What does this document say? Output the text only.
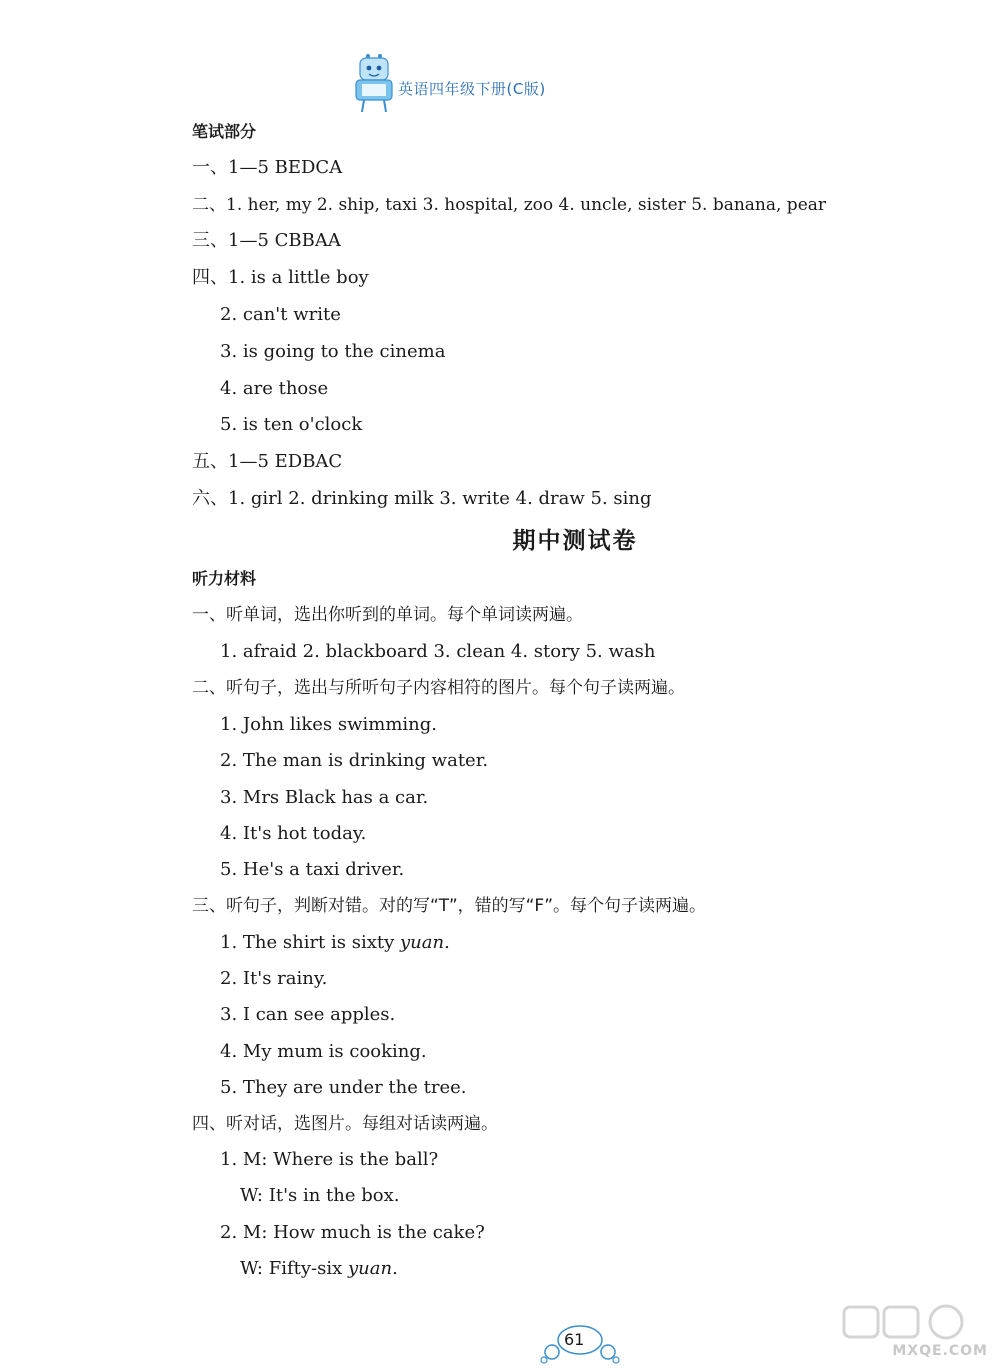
英语四年级下册(C版)
笔试部分
一、1—5 BEDCA
二、1. her, my 2. ship, taxi 3. hospital, zoo 4. uncle, sister 5. banana, pear
三、1—5 CBBAA
四、1. is a little boy
2. can't write
3. is going to the cinema
4. are those
5. is ten o'clock
五、1—5 EDBAC
六、1. girl 2. drinking milk 3. write 4. draw 5. sing
期中测试卷
听力材料
一、听单词，选出你听到的单词。每个单词读两遍。
1. afraid 2. blackboard 3. clean 4. story 5. wash
二、听句子，选出与所听句子内容相符的图片。每个句子读两遍。
1. John likes swimming.
2. The man is drinking water.
3. Mrs Black has a car.
4. It's hot today.
5. He's a taxi driver.
三、听句子，判断对错。对的写“T”，错的写“F”。每个句子读两遍。
1. The shirt is sixty yuan.
2. It's rainy.
3. I can see apples.
4. My mum is cooking.
5. They are under the tree.
四、听对话，选图片。每组对话读两遍。
1. M: Where is the ball?
W: It's in the box.
2. M: How much is the cake?
W: Fifty-six yuan.
61
MXQE.COM
